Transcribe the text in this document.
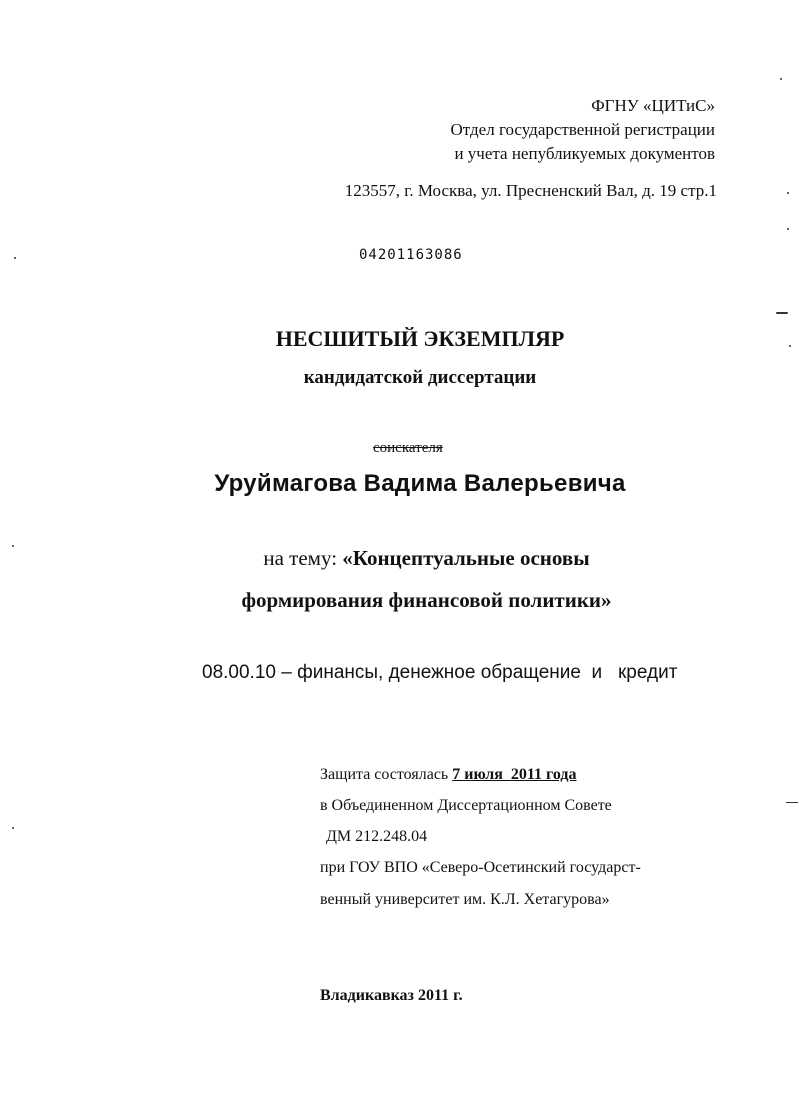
ФГНУ «ЦИТиС»
Отдел государственной регистрации
и учета непубликуемых документов
123557, г. Москва, ул. Пресненский Вал, д. 19 стр.1
04201163086
НЕСШИТЫЙ ЭКЗЕМПЛЯР
кандидатской диссертации
соискателя
Уруймагова Вадима Валерьевича
на тему: «Концептуальные основы
формирования финансовой политики»
08.00.10 – финансы, денежное обращение  и   кредит
Защита состоялась 7 июля  2011 года
в Объединенном Диссертационном Совете
ДМ 212.248.04
при ГОУ ВПО «Северо-Осетинский государст-
венный университет им. К.Л. Хетагурова»
Владикавказ 2011 г.
